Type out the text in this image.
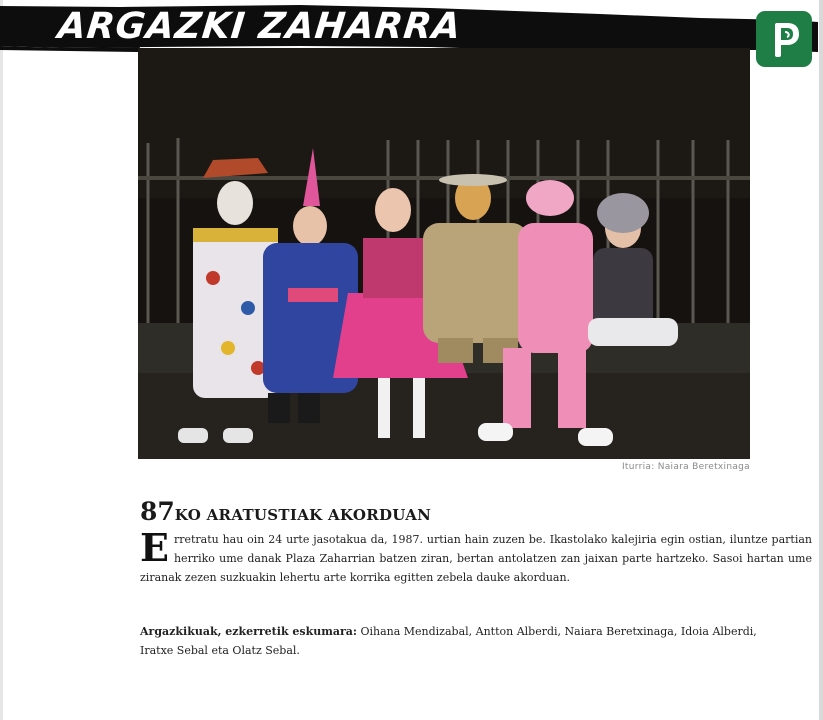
ARGAZKI ZAHARRA

Iturria: Naiara Beretxinaga

87KO ARATUSTIAK AKORDUAN

Erretratu hau oin 24 urte jasotakua da, 1987. urtian hain zuzen be. Ikastolako kalejiria egin ostian, iluntze partian herriko ume danak Plaza Zaharrian batzen ziran, bertan antolatzen zan jaixan parte hartzeko. Sasoi hartan ume ziranak zezen suzkuakin lehertu arte korrika egitten zebela dauke akorduan.

Argazkikuak, ezkerretik eskumara: Oihana Mendizabal, Antton Alberdi, Naiara Beretxinaga, Idoia Alberdi, Iratxe Sebal eta Olatz Sebal.
